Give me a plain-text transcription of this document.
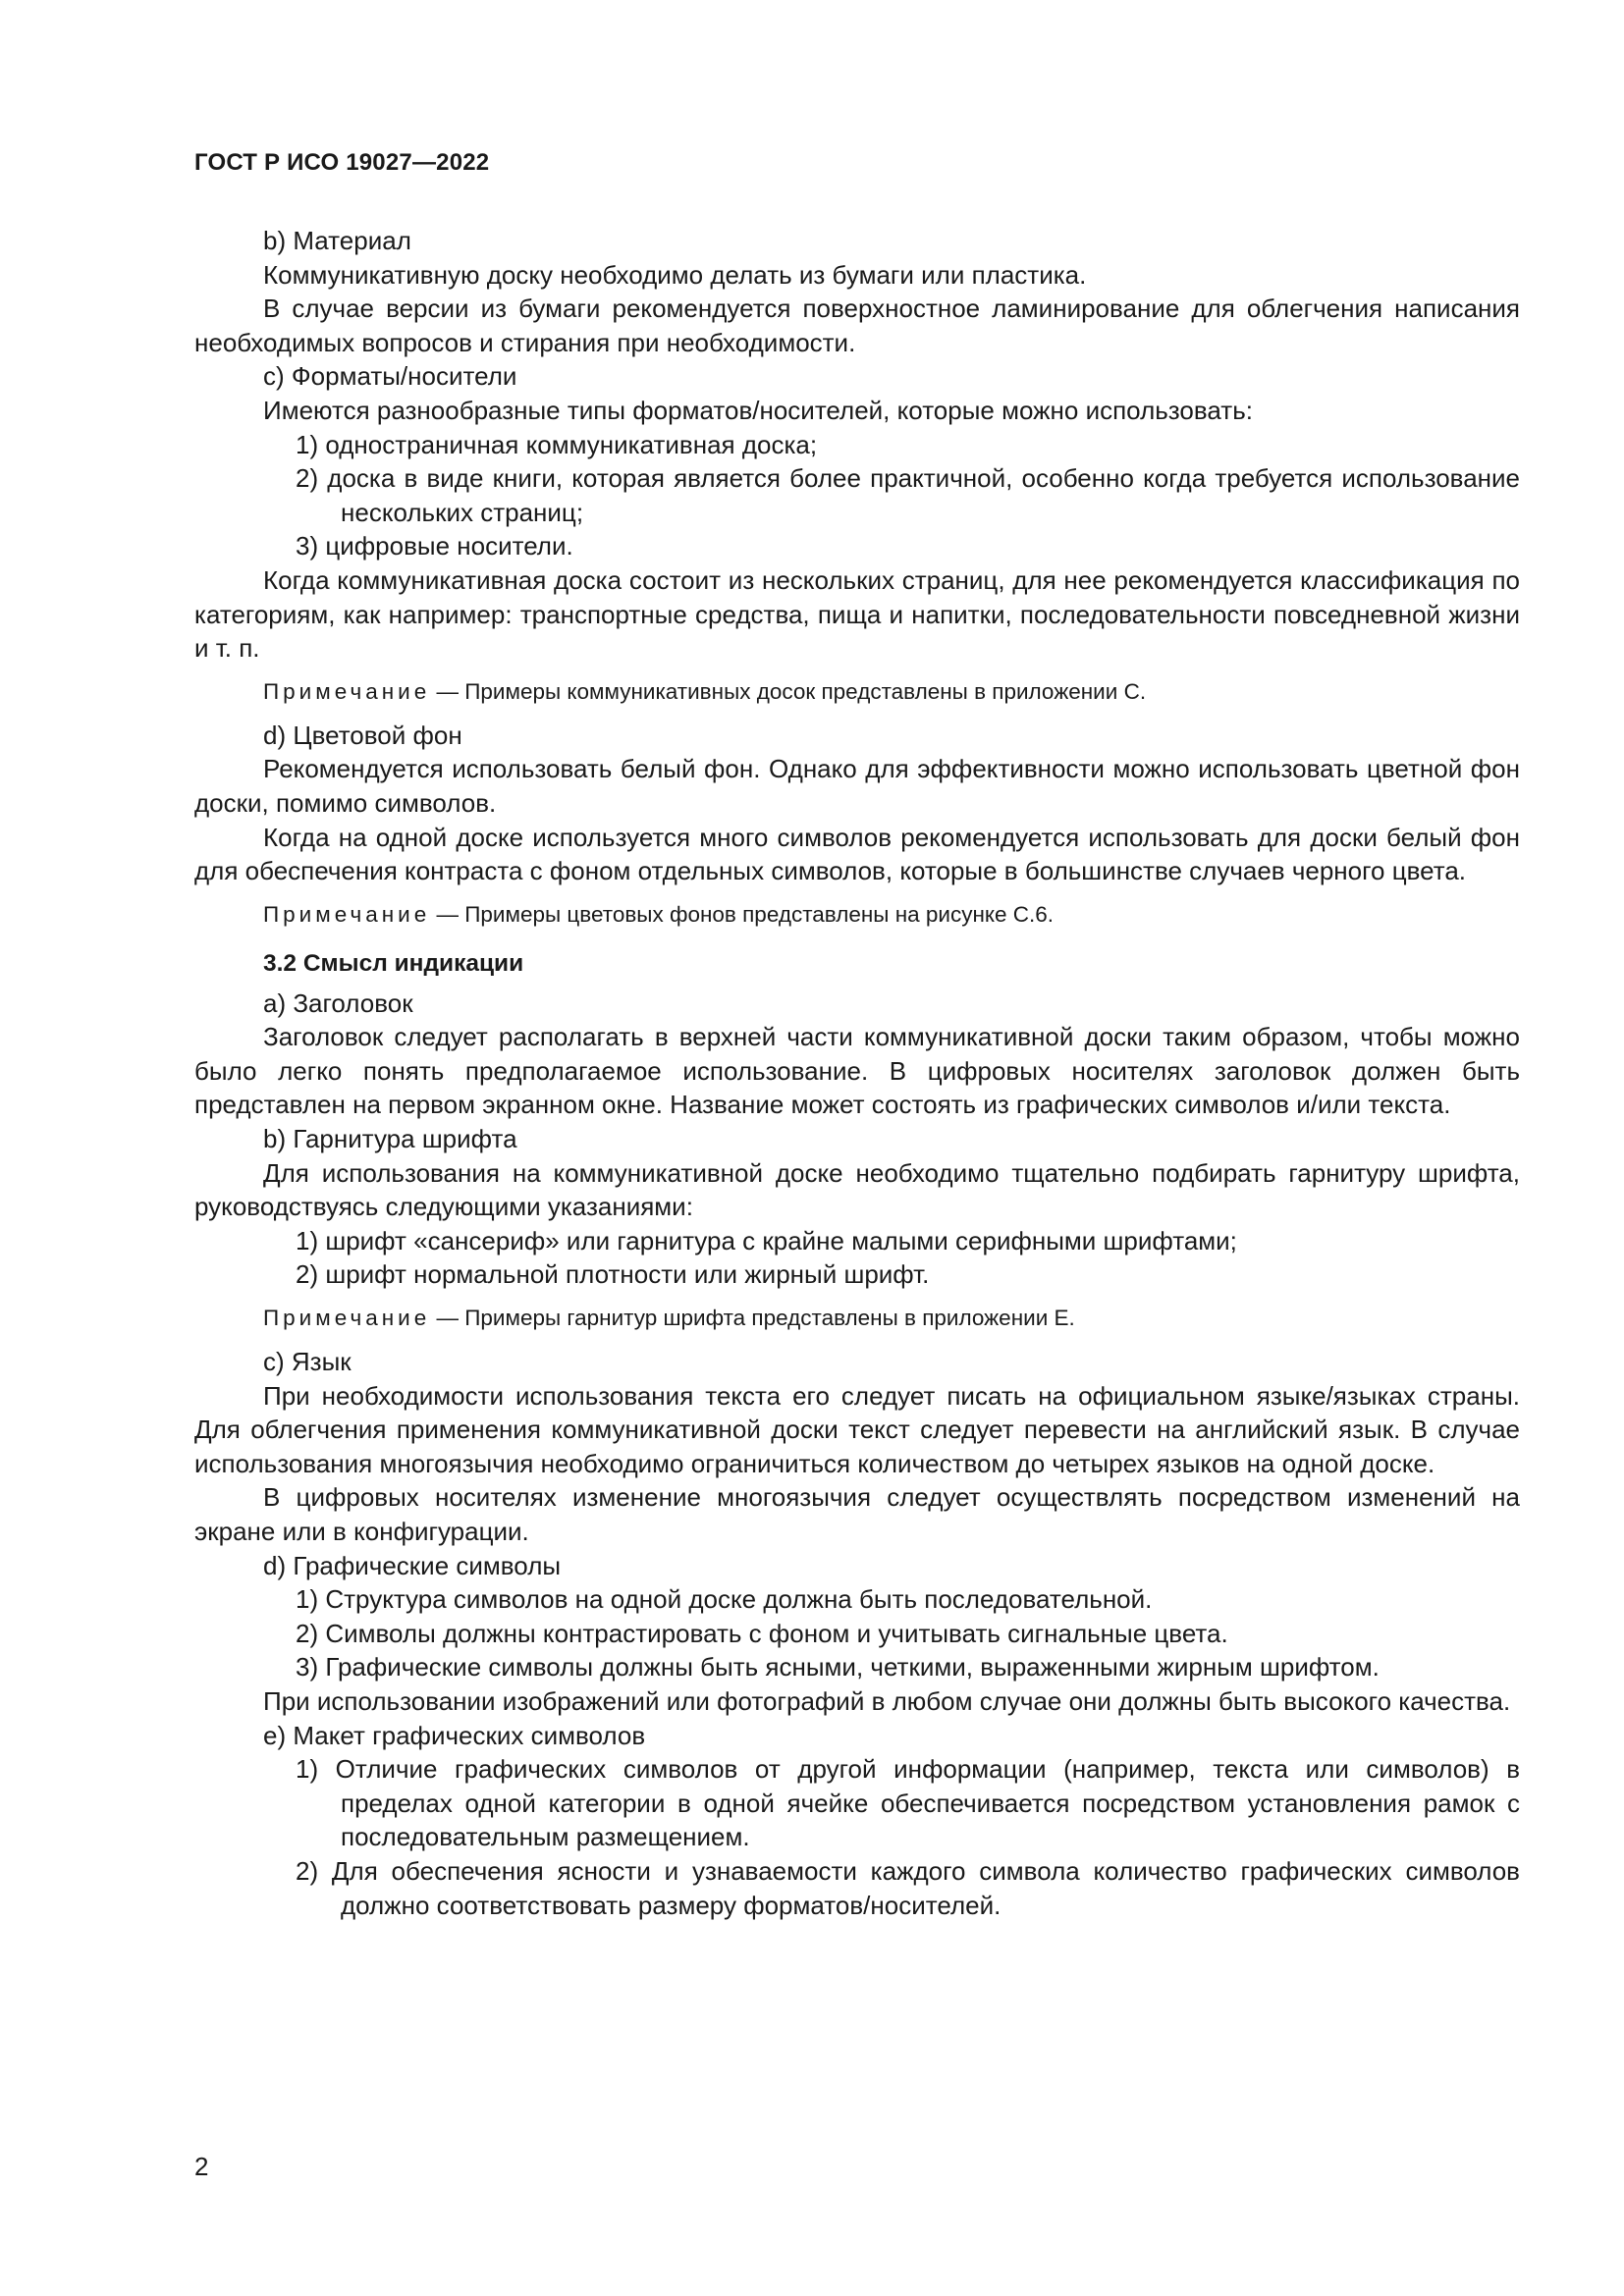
ГОСТ Р ИСО 19027—2022

b) Материал

Коммуникативную доску необходимо делать из бумаги или пластика.

В случае версии из бумаги рекомендуется поверхностное ламинирование для облегчения написания необходимых вопросов и стирания при необходимости.

c) Форматы/носители

Имеются разнообразные типы форматов/носителей, которые можно использовать:

1) одностраничная коммуникативная доска;

2) доска в виде книги, которая является более практичной, особенно когда требуется использование нескольких страниц;

3) цифровые носители.

Когда коммуникативная доска состоит из нескольких страниц, для нее рекомендуется классификация по категориям, как например: транспортные средства, пища и напитки, последовательности повседневной жизни и т. п.

Примечание — Примеры коммуникативных досок представлены в приложении С.

d) Цветовой фон

Рекомендуется использовать белый фон. Однако для эффективности можно использовать цветной фон доски, помимо символов.

Когда на одной доске используется много символов рекомендуется использовать для доски белый фон для обеспечения контраста с фоном отдельных символов, которые в большинстве случаев черного цвета.

Примечание — Примеры цветовых фонов представлены на рисунке С.6.

3.2 Смысл индикации

a) Заголовок

Заголовок следует располагать в верхней части коммуникативной доски таким образом, чтобы можно было легко понять предполагаемое использование. В цифровых носителях заголовок должен быть представлен на первом экранном окне. Название может состоять из графических символов и/или текста.

b) Гарнитура шрифта

Для использования на коммуникативной доске необходимо тщательно подбирать гарнитуру шрифта, руководствуясь следующими указаниями:

1) шрифт «сансериф» или гарнитура с крайне малыми серифными шрифтами;

2) шрифт нормальной плотности или жирный шрифт.

Примечание — Примеры гарнитур шрифта представлены в приложении Е.

c) Язык

При необходимости использования текста его следует писать на официальном языке/языках страны. Для облегчения применения коммуникативной доски текст следует перевести на английский язык. В случае использования многоязычия необходимо ограничиться количеством до четырех языков на одной доске.

В цифровых носителях изменение многоязычия следует осуществлять посредством изменений на экране или в конфигурации.

d) Графические символы

1) Структура символов на одной доске должна быть последовательной.

2) Символы должны контрастировать с фоном и учитывать сигнальные цвета.

3) Графические символы должны быть ясными, четкими, выраженными жирным шрифтом.

При использовании изображений или фотографий в любом случае они должны быть высокого качества.

e) Макет графических символов

1) Отличие графических символов от другой информации (например, текста или символов) в пределах одной категории в одной ячейке обеспечивается посредством установления рамок с последовательным размещением.

2) Для обеспечения ясности и узнаваемости каждого символа количество графических символов должно соответствовать размеру форматов/носителей.

2
